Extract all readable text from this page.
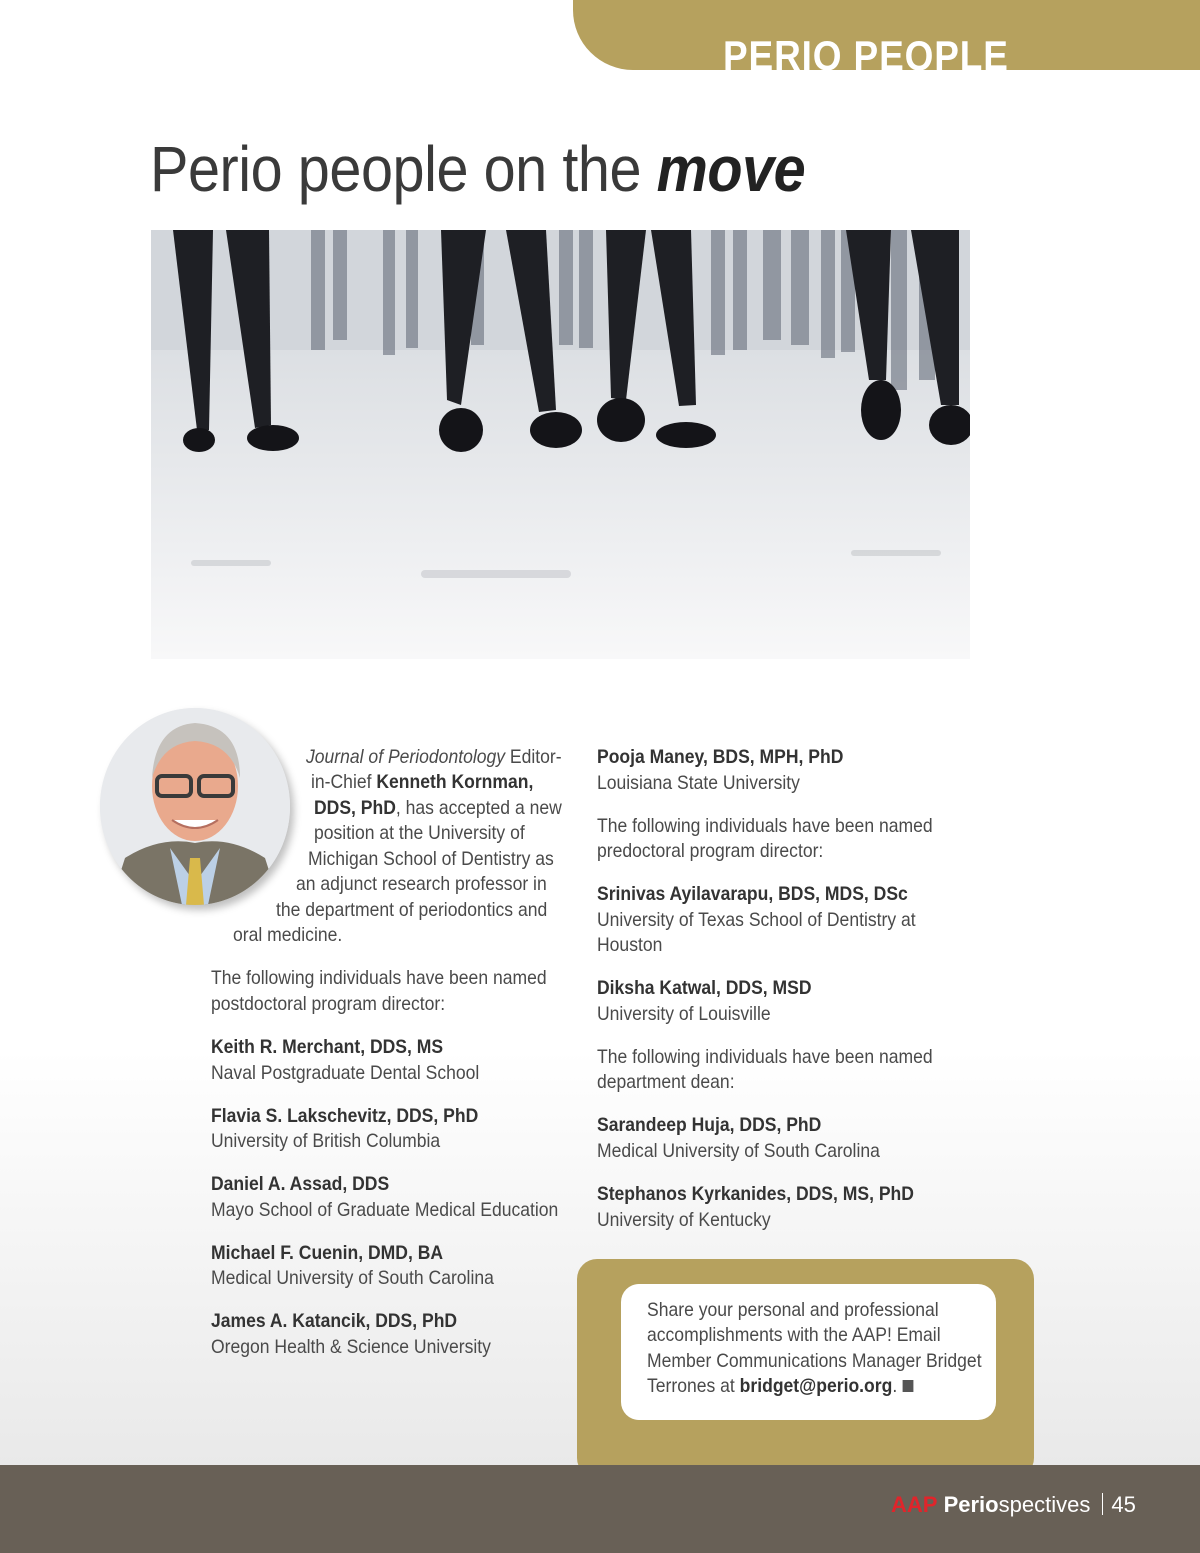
PERIO PEOPLE
Perio people on the move
Journal of Periodontology Editor-
in-Chief Kenneth Kornman,
DDS, PhD, has accepted a new
position at the University of
Michigan School of Dentistry as
an adjunct research professor in
the department of periodontics and
oral medicine.
The following individuals have been named
postdoctoral program director:
Keith R. Merchant, DDS, MS
Naval Postgraduate Dental School
Flavia S. Lakschevitz, DDS, PhD
University of British Columbia
Daniel A. Assad, DDS
Mayo School of Graduate Medical Education
Michael F. Cuenin, DMD, BA
Medical University of South Carolina
James A. Katancik, DDS, PhD
Oregon Health & Science University
Pooja Maney, BDS, MPH, PhD
Louisiana State University
The following individuals have been named
predoctoral program director:
Srinivas Ayilavarapu, BDS, MDS, DSc
University of Texas School of Dentistry at
Houston
Diksha Katwal, DDS, MSD
University of Louisville
The following individuals have been named
department dean:
Sarandeep Huja, DDS, PhD
Medical University of South Carolina
Stephanos Kyrkanides, DDS, MS, PhD
University of Kentucky
Share your personal and professional
accomplishments with the AAP! Email
Member Communications Manager Bridget
Terrones at bridget@perio.org.
AAP Periospectives 45
